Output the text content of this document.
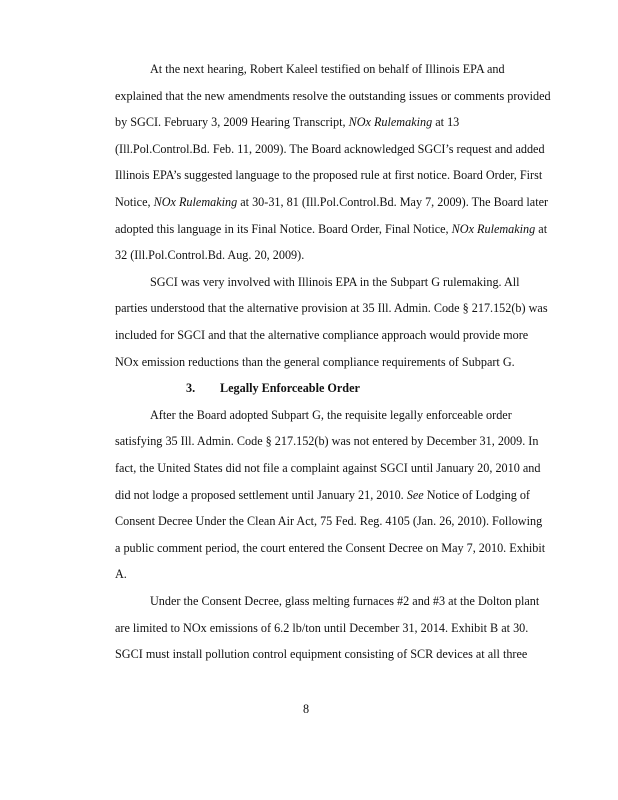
At the next hearing, Robert Kaleel testified on behalf of Illinois EPA and
explained that the new amendments resolve the outstanding issues or comments provided
by SGCI. February 3, 2009 Hearing Transcript, NOx Rulemaking at 13
(Ill.Pol.Control.Bd. Feb. 11, 2009). The Board acknowledged SGCI’s request and added
Illinois EPA’s suggested language to the proposed rule at first notice. Board Order, First
Notice, NOx Rulemaking at 30-31, 81 (Ill.Pol.Control.Bd. May 7, 2009). The Board later
adopted this language in its Final Notice. Board Order, Final Notice, NOx Rulemaking at
32 (Ill.Pol.Control.Bd. Aug. 20, 2009).
SGCI was very involved with Illinois EPA in the Subpart G rulemaking. All
parties understood that the alternative provision at 35 Ill. Admin. Code § 217.152(b) was
included for SGCI and that the alternative compliance approach would provide more
NOx emission reductions than the general compliance requirements of Subpart G.
3. Legally Enforceable Order
After the Board adopted Subpart G, the requisite legally enforceable order
satisfying 35 Ill. Admin. Code § 217.152(b) was not entered by December 31, 2009. In
fact, the United States did not file a complaint against SGCI until January 20, 2010 and
did not lodge a proposed settlement until January 21, 2010. See Notice of Lodging of
Consent Decree Under the Clean Air Act, 75 Fed. Reg. 4105 (Jan. 26, 2010). Following
a public comment period, the court entered the Consent Decree on May 7, 2010. Exhibit
A.
Under the Consent Decree, glass melting furnaces #2 and #3 at the Dolton plant
are limited to NOx emissions of 6.2 lb/ton until December 31, 2014. Exhibit B at 30.
SGCI must install pollution control equipment consisting of SCR devices at all three
8
